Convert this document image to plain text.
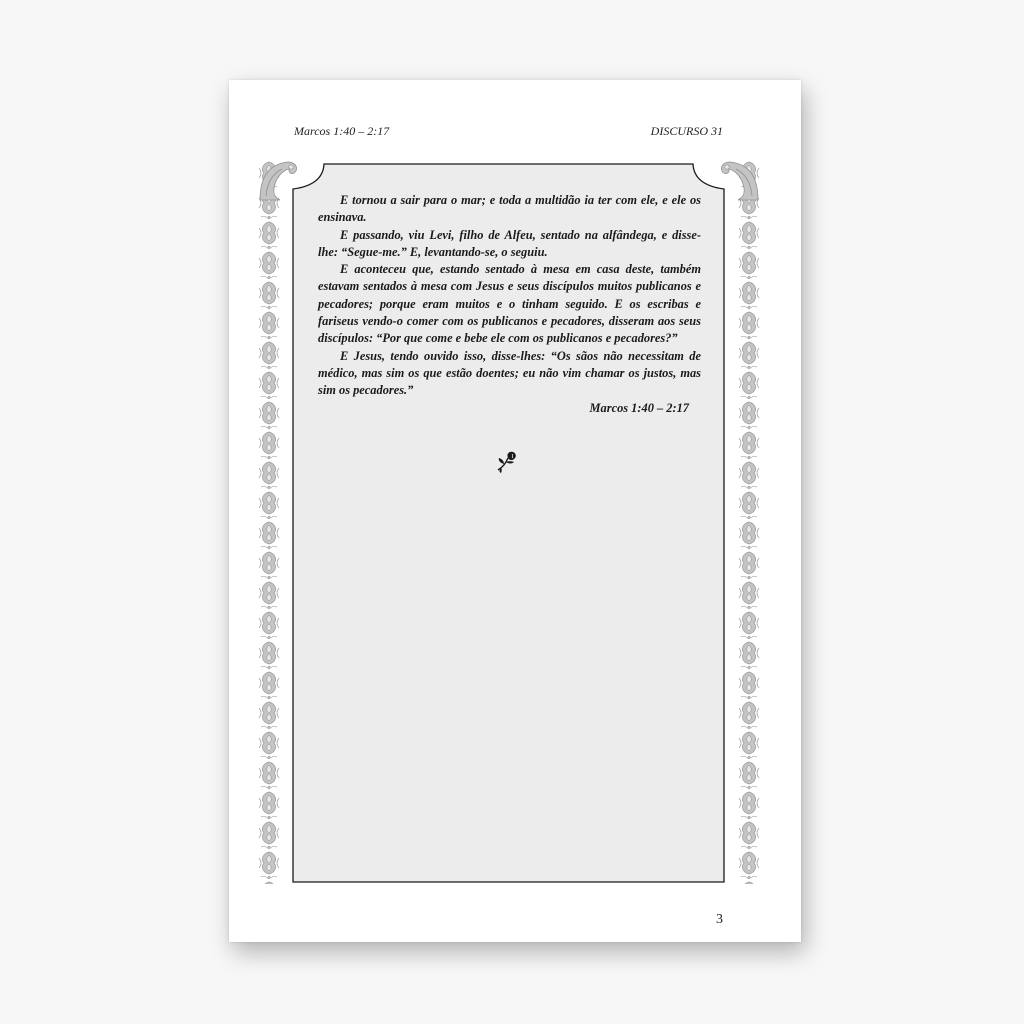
Marcos 1:40 – 2:17	DISCURSO 31

E tornou a sair para o mar; e toda a multidão ia ter com ele, e ele os ensinava.

E passando, viu Levi, filho de Alfeu, sentado na alfândega, e disse-lhe: “Segue-me.” E, levantando-se, o seguiu.

E aconteceu que, estando sentado à mesa em casa deste, também estavam sentados à mesa com Jesus e seus discípulos muitos publicanos e pecadores; porque eram muitos e o tinham seguido. E os escribas e fariseus vendo-o comer com os publicanos e pecadores, disseram aos seus discípulos: “Por que come e bebe ele com os publicanos e pecadores?”

E Jesus, tendo ouvido isso, disse-lhes: “Os sãos não necessitam de médico, mas sim os que estão doentes; eu não vim chamar os justos, mas sim os pecadores.”

Marcos 1:40 – 2:17
3
